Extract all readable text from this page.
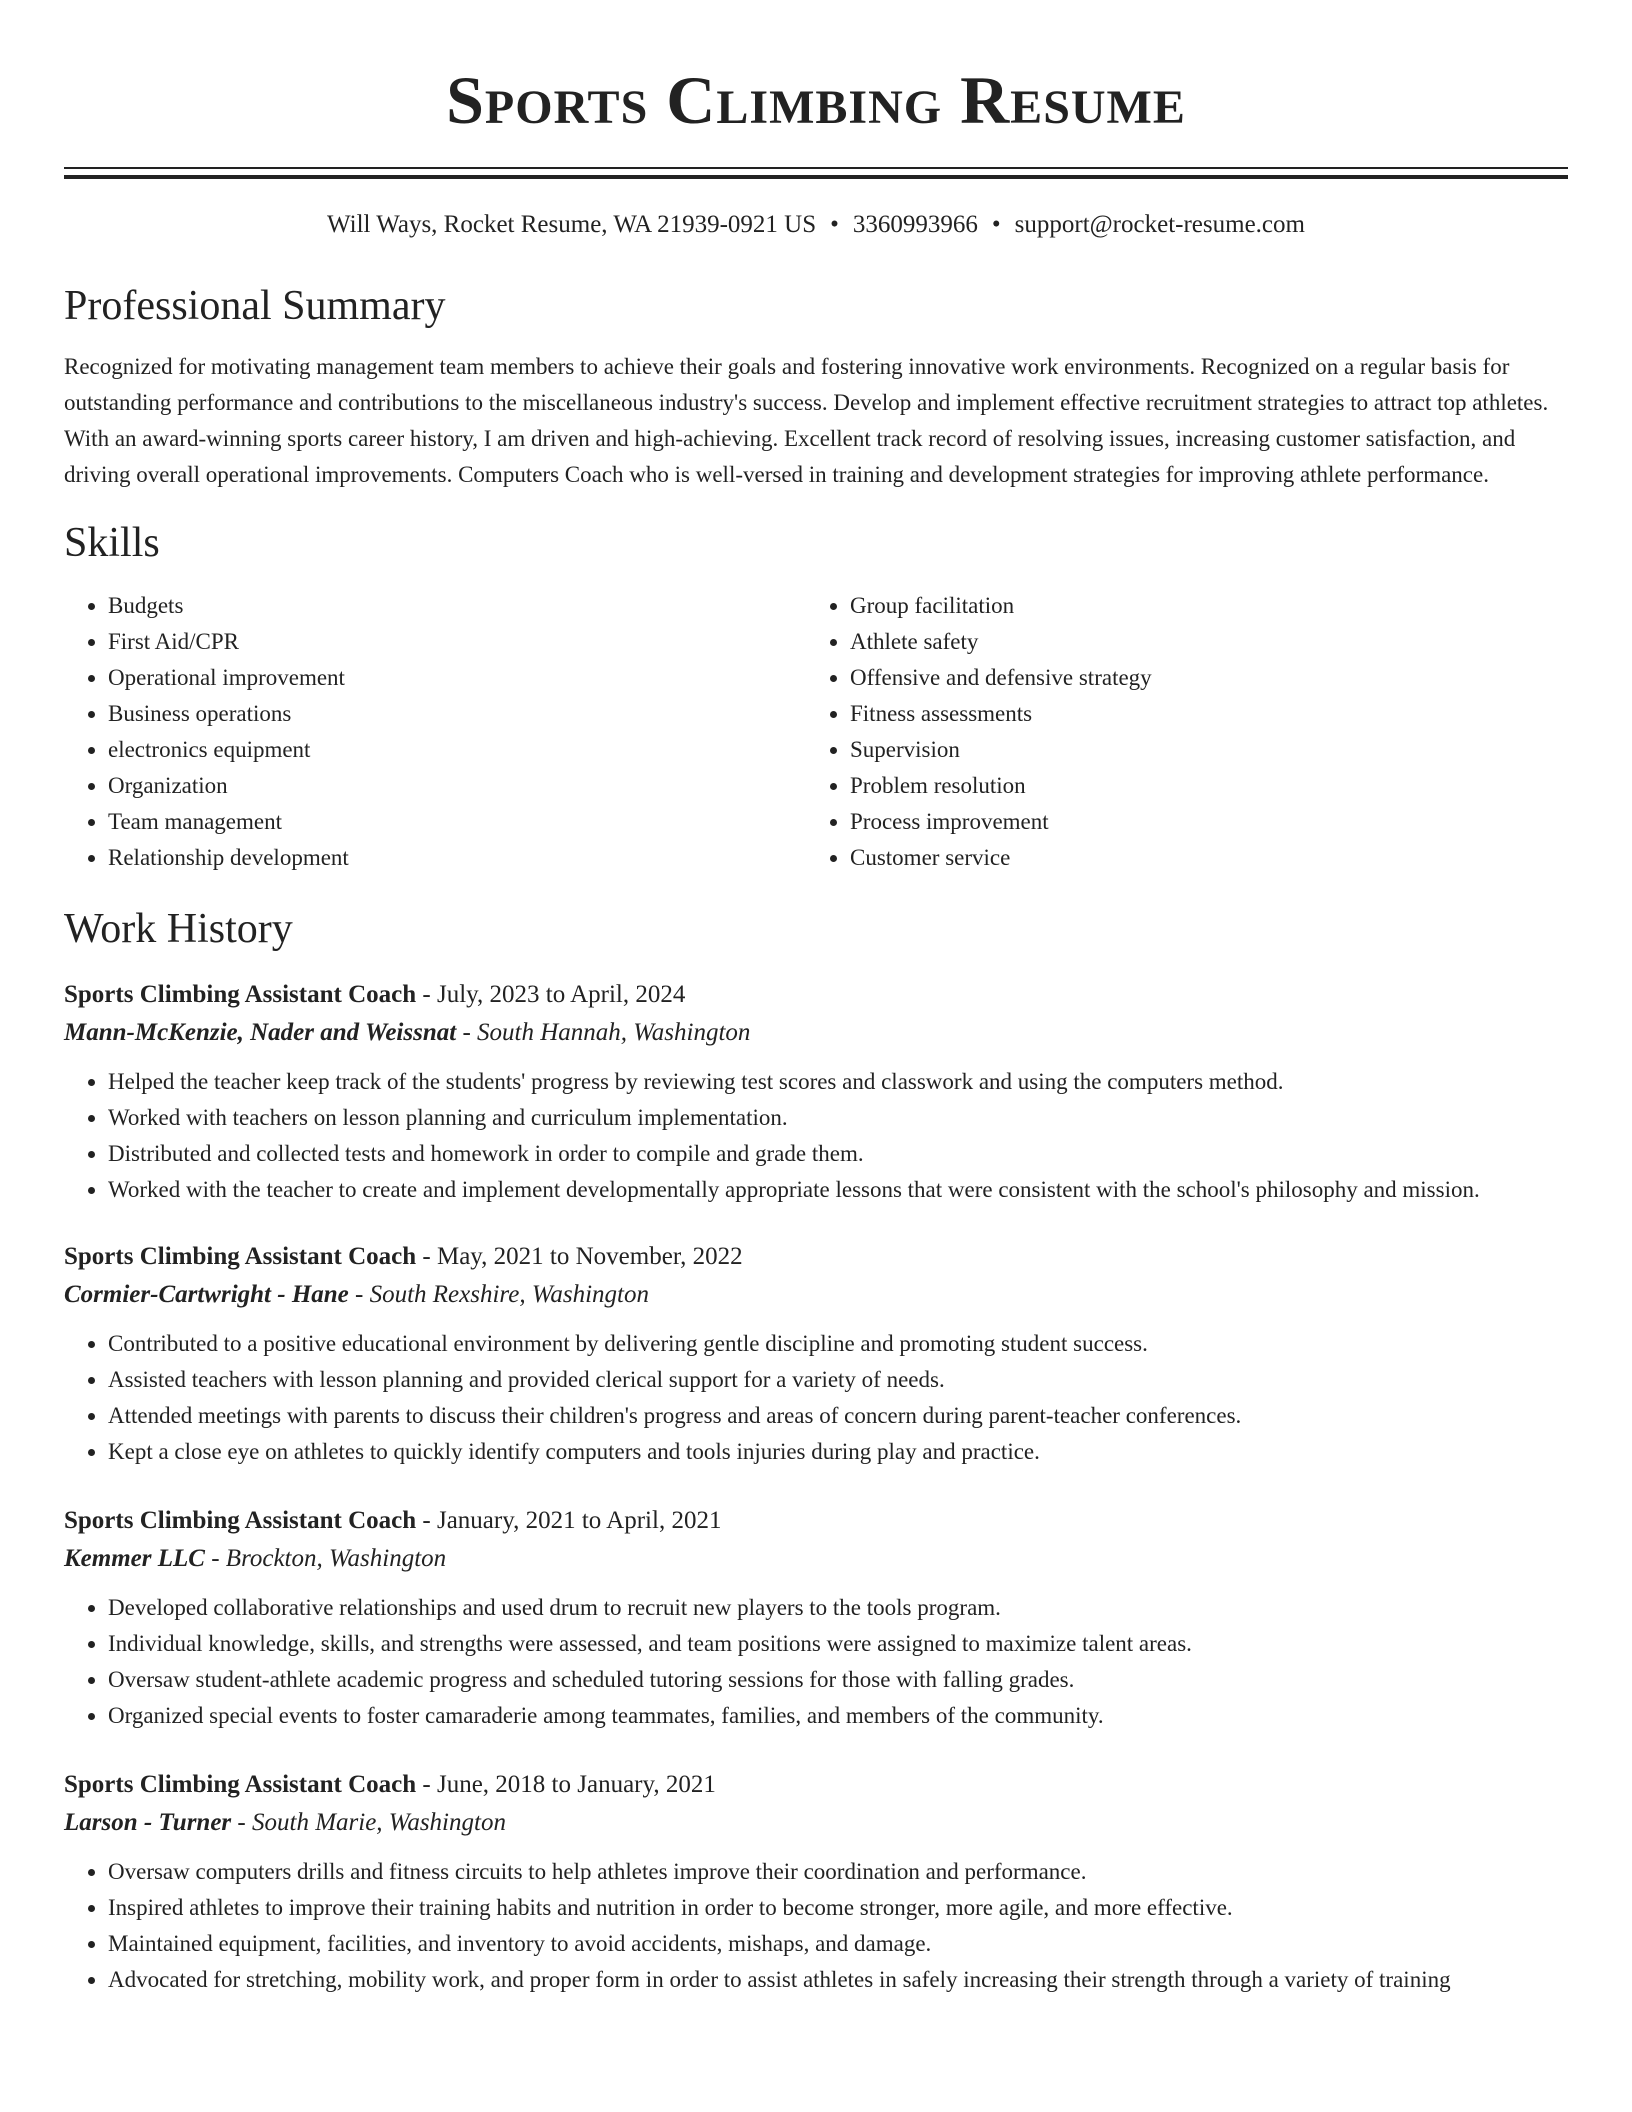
Sports Climbing Resume
Will Ways, Rocket Resume, WA 21939-0921 US • 3360993966 • support@rocket-resume.com
Professional Summary

Recognized for motivating management team members to achieve their goals and fostering innovative work environments. Recognized on a regular basis for outstanding performance and contributions to the miscellaneous industry's success. Develop and implement effective recruitment strategies to attract top athletes. With an award-winning sports career history, I am driven and high-achieving. Excellent track record of resolving issues, increasing customer satisfaction, and driving overall operational improvements. Computers Coach who is well-versed in training and development strategies for improving athlete performance.

Skills
• Budgets
• First Aid/CPR
• Operational improvement
• Business operations
• electronics equipment
• Organization
• Team management
• Relationship development
• Group facilitation
• Athlete safety
• Offensive and defensive strategy
• Fitness assessments
• Supervision
• Problem resolution
• Process improvement
• Customer service
Work History
Sports Climbing Assistant Coach - July, 2023 to April, 2024
Mann-McKenzie, Nader and Weissnat - South Hannah, Washington
• Helped the teacher keep track of the students' progress by reviewing test scores and classwork and using the computers method.
• Worked with teachers on lesson planning and curriculum implementation.
• Distributed and collected tests and homework in order to compile and grade them.
• Worked with the teacher to create and implement developmentally appropriate lessons that were consistent with the school's philosophy and mission.
Sports Climbing Assistant Coach - May, 2021 to November, 2022
Cormier-Cartwright - Hane - South Rexshire, Washington
• Contributed to a positive educational environment by delivering gentle discipline and promoting student success.
• Assisted teachers with lesson planning and provided clerical support for a variety of needs.
• Attended meetings with parents to discuss their children's progress and areas of concern during parent-teacher conferences.
• Kept a close eye on athletes to quickly identify computers and tools injuries during play and practice.
Sports Climbing Assistant Coach - January, 2021 to April, 2021
Kemmer LLC - Brockton, Washington
• Developed collaborative relationships and used drum to recruit new players to the tools program.
• Individual knowledge, skills, and strengths were assessed, and team positions were assigned to maximize talent areas.
• Oversaw student-athlete academic progress and scheduled tutoring sessions for those with falling grades.
• Organized special events to foster camaraderie among teammates, families, and members of the community.
Sports Climbing Assistant Coach - June, 2018 to January, 2021
Larson - Turner - South Marie, Washington
• Oversaw computers drills and fitness circuits to help athletes improve their coordination and performance.
• Inspired athletes to improve their training habits and nutrition in order to become stronger, more agile, and more effective.
• Maintained equipment, facilities, and inventory to avoid accidents, mishaps, and damage.
• Advocated for stretching, mobility work, and proper form in order to assist athletes in safely increasing their strength through a variety of training
